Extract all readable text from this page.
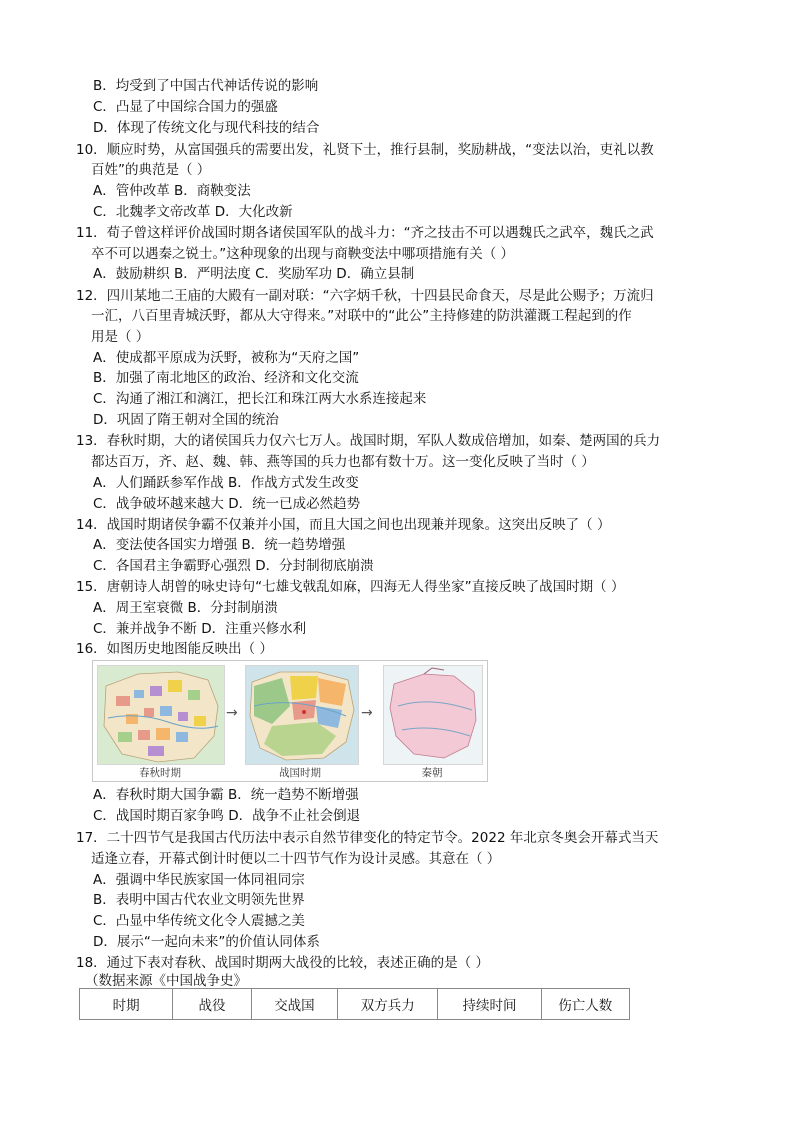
B．均受到了中国古代神话传说的影响
C．凸显了中国综合国力的强盛
D．体现了传统文化与现代科技的结合
10．顺应时势，从富国强兵的需要出发，礼贤下士，推行县制，奖励耕战，“变法以治，吏礼以教
百姓”的典范是（ ）
A．管仲改革 B．商鞅变法
C．北魏孝文帝改革 D．大化改新
11．荀子曾这样评价战国时期各诸侯国军队的战斗力：“齐之技击不可以遇魏氏之武卒，魏氏之武
卒不可以遇秦之锐士。”这种现象的出现与商鞅变法中哪项措施有关（ ）
A．鼓励耕织 B．严明法度 C．奖励军功 D．确立县制
12．四川某地二王庙的大殿有一副对联：“六字炳千秋，十四县民命食天，尽是此公赐予；万流归
一汇，八百里青城沃野，都从大守得来。”对联中的“此公”主持修建的防洪灌溉工程起到的作
用是（ ）
A．使成都平原成为沃野，被称为“天府之国”
B．加强了南北地区的政治、经济和文化交流
C．沟通了湘江和漓江，把长江和珠江两大水系连接起来
D．巩固了隋王朝对全国的统治
13．春秋时期，大的诸侯国兵力仅六七万人。战国时期，军队人数成倍增加，如秦、楚两国的兵力
都达百万，齐、赵、魏、韩、燕等国的兵力也都有数十万。这一变化反映了当时（ ）
A．人们踊跃参军作战 B．作战方式发生改变
C．战争破坏越来越大 D．统一已成必然趋势
14．战国时期诸侯争霸不仅兼并小国，而且大国之间也出现兼并现象。这突出反映了（ ）
A．变法使各国实力增强 B．统一趋势增强
C．各国君主争霸野心强烈 D．分封制彻底崩溃
15．唐朝诗人胡曾的咏史诗句“七雄戈戟乱如麻，四海无人得坐家”直接反映了战国时期（ ）
A．周王室衰微 B．分封制崩溃
C．兼并战争不断 D．注重兴修水利
16．如图历史地图能反映出（ ）
春秋时期
→
战国时期
→
秦朝
A．春秋时期大国争霸 B．统一趋势不断增强
C．战国时期百家争鸣 D．战争不止社会倒退
17．二十四节气是我国古代历法中表示自然节律变化的特定节令。2022 年北京冬奥会开幕式当天
适逢立春，开幕式倒计时便以二十四节气作为设计灵感。其意在（ ）
A．强调中华民族家国一体同祖同宗
B．表明中国古代农业文明领先世界
C．凸显中华传统文化令人震撼之美
D．展示“一起向未来”的价值认同体系
18．通过下表对春秋、战国时期两大战役的比较，表述正确的是（ ）
（数据来源《中国战争史》
时期	战役	交战国	双方兵力	持续时间	伤亡人数
